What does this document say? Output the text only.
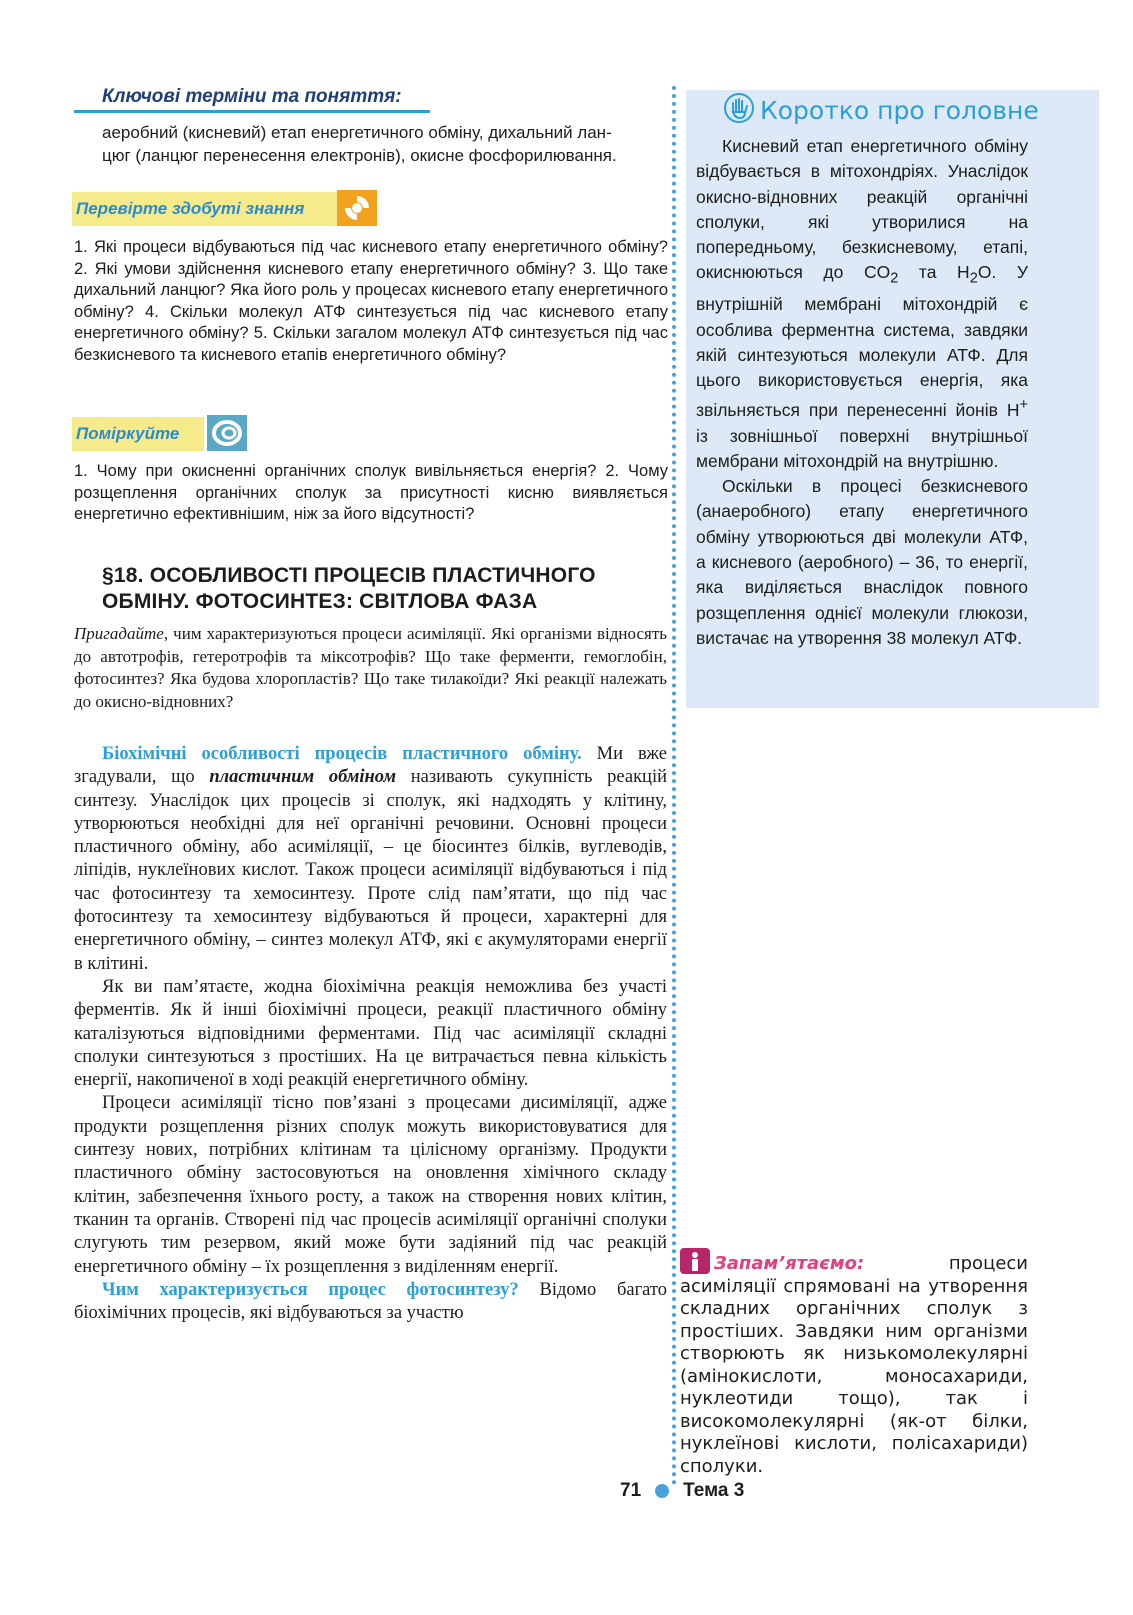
Ключові терміни та поняття:
аеробний (кисневий) етап енергетичного обміну, дихальний лан-
цюг (ланцюг перенесення електронів), окисне фосфорилювання.
Перевірте здобуті знання
1. Які процеси відбуваються під час кисневого етапу енергетичного обміну? 2. Які умови здійснення кисневого етапу енергетичного обміну? 3. Що таке дихальний ланцюг? Яка його роль у процесах кисневого етапу енергетичного обміну? 4. Скільки молекул АТФ синтезується під час кисневого етапу енергетичного обміну? 5. Скільки загалом молекул АТФ синтезується під час безкисневого та кисневого етапів енергетичного обміну?
Поміркуйте
1. Чому при окисненні органічних сполук вивільняється енергія? 2. Чому розщеплення органічних сполук за присутності кисню виявляється енергетично ефективнішим, ніж за його відсутності?
§18. ОСОБЛИВОСТІ ПРОЦЕСІВ ПЛАСТИЧНОГО ОБМІНУ. ФОТОСИНТЕЗ: СВІТЛОВА ФАЗА
Пригадайте, чим характеризуються процеси асиміляції. Які організми відносять до автотрофів, гетеротрофів та міксотрофів? Що таке ферменти, гемоглобін, фотосинтез? Яка будова хлоропластів? Що таке тилакоїди? Які реакції належать до окисно-відновних?

Біохімічні особливості процесів пластичного обміну. Ми вже згадували, що пластичним обміном називають сукупність реакцій синтезу. Унаслідок цих процесів зі сполук, які надходять у клітину, утворюються необхідні для неї органічні речовини. Основні процеси пластичного обміну, або асиміляції, – це біосинтез білків, вуглеводів, ліпідів, нуклеїнових кислот. Також процеси асиміляції відбуваються і під час фотосинтезу та хемосинтезу. Проте слід пам’ятати, що під час фотосинтезу та хемосинтезу відбуваються й процеси, характерні для енергетичного обміну, – синтез молекул АТФ, які є акумуляторами енергії в клітині.

Як ви пам’ятаєте, жодна біохімічна реакція неможлива без участі ферментів. Як й інші біохімічні процеси, реакції пластичного обміну каталізуються відповідними ферментами. Під час асиміляції складні сполуки синтезуються з простіших. На це витрачається певна кількість енергії, накопиченої в ході реакцій енергетичного обміну.

Процеси асиміляції тісно пов’язані з процесами дисиміляції, адже продукти розщеплення різних сполук можуть використовуватися для синтезу нових, потрібних клітинам та цілісному організму. Продукти пластичного обміну застосовуються на оновлення хімічного складу клітин, забезпечення їхнього росту, а також на створення нових клітин, тканин та органів. Створені під час процесів асиміляції органічні сполуки слугують тим резервом, який може бути задіяний під час реакцій енергетичного обміну – їх розщеплення з виділенням енергії.

Чим характеризується процес фотосинтезу? Відомо багато біохімічних процесів, які відбуваються за участю

Коротко про головне

Кисневий етап енергетичного обміну відбувається в мітохондріях. Унаслідок окисно-відновних реакцій органічні сполуки, які утворилися на попередньому, безкисневому, етапі, окиснюються до $CO_2$ та $H_2O$. У внутрішній мембрані мітохондрій є особлива ферментна система, завдяки якій синтезуються молекули АТФ. Для цього використовується енергія, яка звільняється при перенесенні йонів H+ із зовнішньої поверхні внутрішньої мембрани мітохондрій на внутрішню.

Оскільки в процесі безкисневого (анаеробного) етапу енергетичного обміну утворюються дві молекули АТФ, а кисневого (аеробного) – 36, то енергії, яка виділяється внаслідок повного розщеплення однієї молекули глюкози, вистачає на утворення 38 молекул АТФ.

Запам’ятаємо: процеси асиміляції спрямовані на утворення складних органічних сполук з простіших. Завдяки ним організми створюють як низькомолекулярні (амінокислоти, моносахариди, нуклеотиди тощо), так і високомолекулярні (як-от білки, нуклеїнові кислоти, полісахариди) сполуки.
71 Тема 3
